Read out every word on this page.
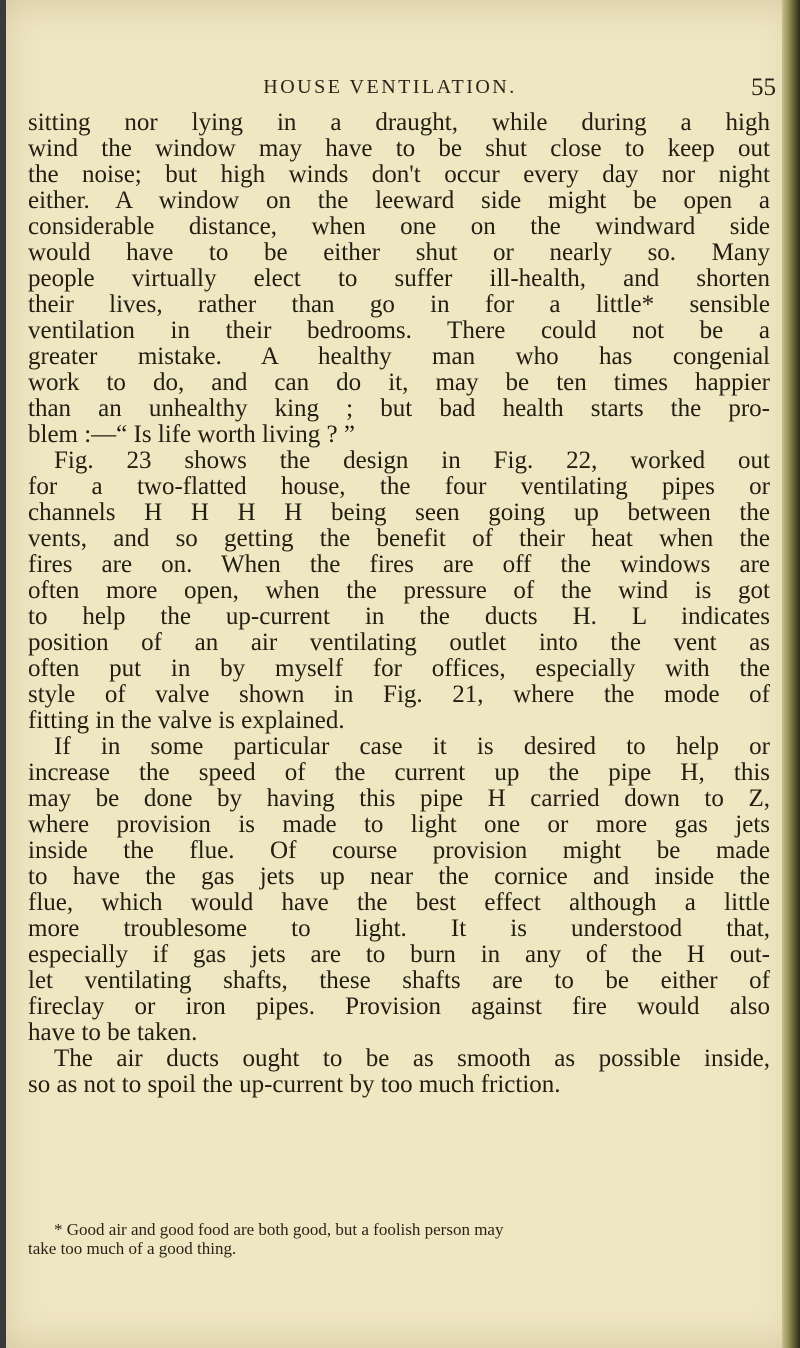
HOUSE VENTILATION.	55
sitting nor lying in a draught, while during a high
wind the window may have to be shut close to keep out
the noise; but high winds don't occur every day nor night
either. A window on the leeward side might be open a
considerable distance, when one on the windward side
would have to be either shut or nearly so. Many
people virtually elect to suffer ill-health, and shorten
their lives, rather than go in for a little* sensible
ventilation in their bedrooms. There could not be a
greater mistake. A healthy man who has congenial
work to do, and can do it, may be ten times happier
than an unhealthy king ; but bad health starts the pro-
blem :—“ Is life worth living ? ”
Fig. 23 shows the design in Fig. 22, worked out
for a two-flatted house, the four ventilating pipes or
channels H H H H being seen going up between the
vents, and so getting the benefit of their heat when the
fires are on. When the fires are off the windows are
often more open, when the pressure of the wind is got
to help the up-current in the ducts H. L indicates
position of an air ventilating outlet into the vent as
often put in by myself for offices, especially with the
style of valve shown in Fig. 21, where the mode of
fitting in the valve is explained.
If in some particular case it is desired to help or
increase the speed of the current up the pipe H, this
may be done by having this pipe H carried down to Z,
where provision is made to light one or more gas jets
inside the flue. Of course provision might be made
to have the gas jets up near the cornice and inside the
flue, which would have the best effect although a little
more troublesome to light. It is understood that,
especially if gas jets are to burn in any of the H out-
let ventilating shafts, these shafts are to be either of
fireclay or iron pipes. Provision against fire would also
have to be taken.
The air ducts ought to be as smooth as possible inside,
so as not to spoil the up-current by too much friction.
* Good air and good food are both good, but a foolish person may
take too much of a good thing.
